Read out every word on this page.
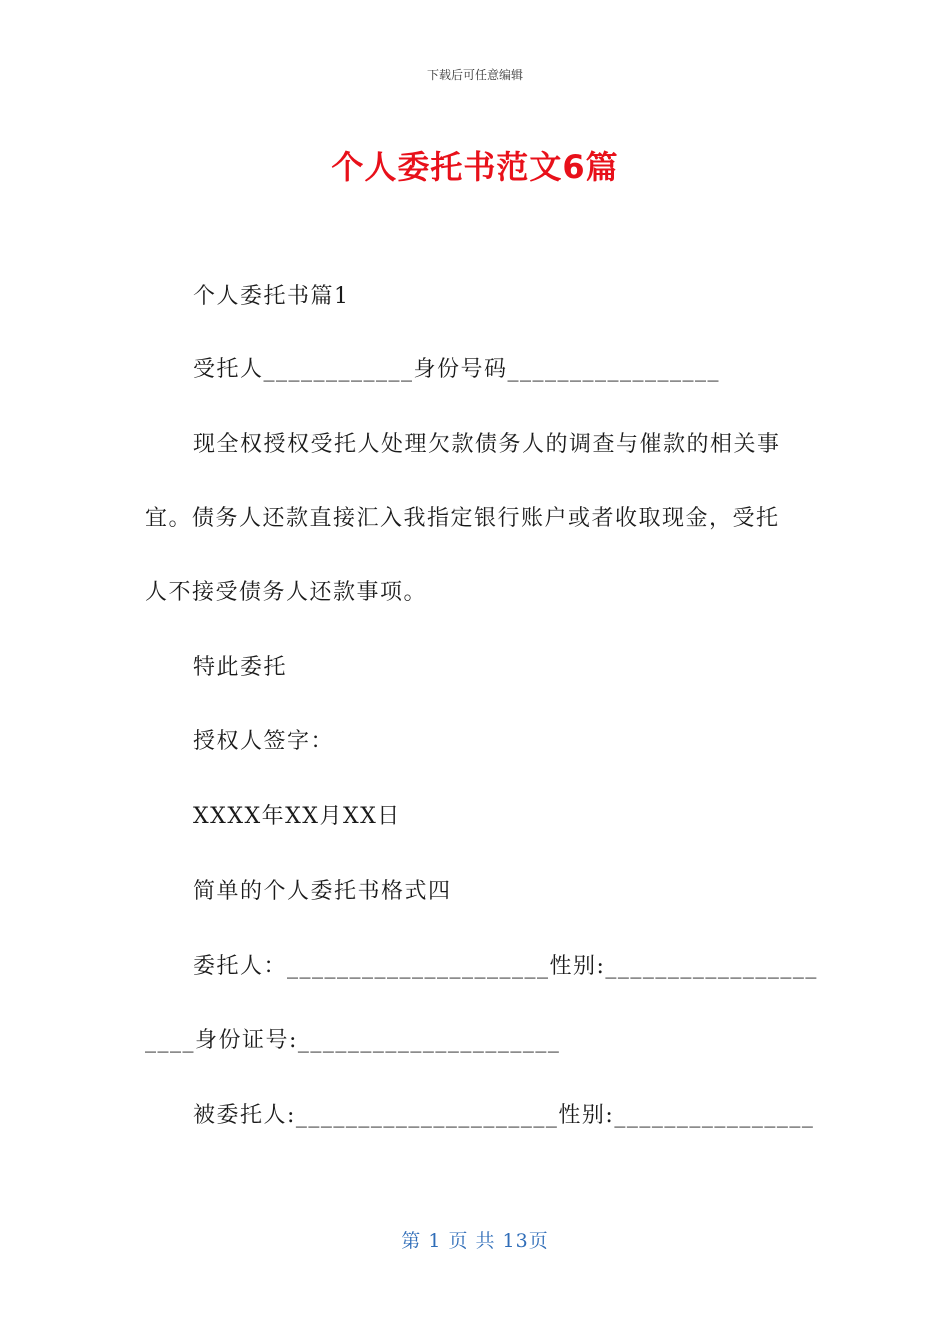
下载后可任意编辑
个人委托书范文6篇
个人委托书篇1
受托人____________身份号码_________________
现全权授权受托人处理欠款债务人的调查与催款的相关事
宜。债务人还款直接汇入我指定银行账户或者收取现金，受托
人不接受债务人还款事项。
特此委托
授权人签字：
XXXX年XX月XX日
简单的个人委托书格式四
委托人：_____________________性别:_________________
____身份证号:_____________________
被委托人:_____________________性别:________________
第 1 页 共 13页
